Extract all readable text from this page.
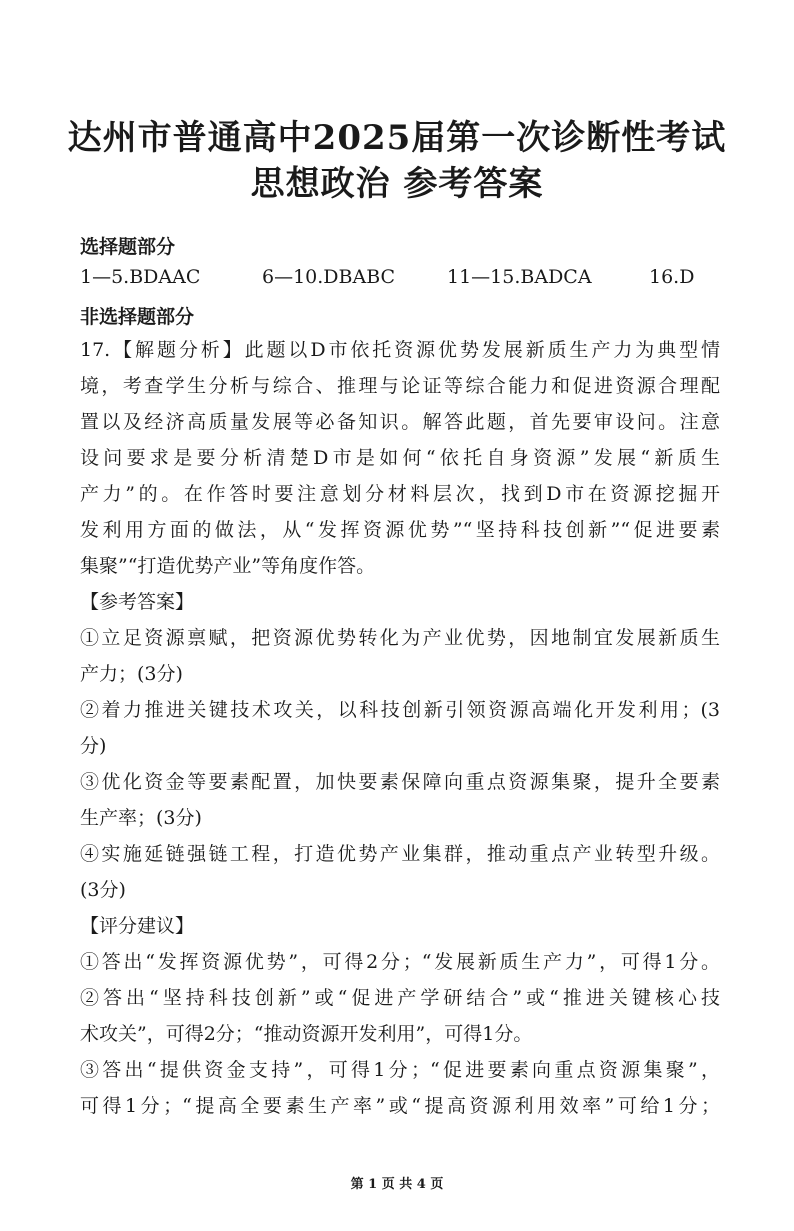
达州市普通高中2025届第一次诊断性考试
思想政治 参考答案
选择题部分
1—5.BDAAC	6—10.DBABC	11—15.BADCA	16.D
非选择题部分
17.【解题分析】此题以D市依托资源优势发展新质生产力为典型情
境，考查学生分析与综合、推理与论证等综合能力和促进资源合理配
置以及经济高质量发展等必备知识。解答此题，首先要审设问。注意
设问要求是要分析清楚D市是如何“依托自身资源”发展“新质生
产力”的。在作答时要注意划分材料层次，找到D市在资源挖掘开
发利用方面的做法，从“发挥资源优势”“坚持科技创新”“促进要素
集聚”“打造优势产业”等角度作答。
【参考答案】
①立足资源禀赋，把资源优势转化为产业优势，因地制宜发展新质生
产力；(3分)
②着力推进关键技术攻关，以科技创新引领资源高端化开发利用；(3
分)
③优化资金等要素配置，加快要素保障向重点资源集聚，提升全要素
生产率；(3分)
④实施延链强链工程，打造优势产业集群，推动重点产业转型升级。
(3分)
【评分建议】
①答出“发挥资源优势”，可得2分；“发展新质生产力”，可得1分。
②答出“坚持科技创新”或“促进产学研结合”或“推进关键核心技
术攻关”，可得2分；“推动资源开发利用”，可得1分。
③答出“提供资金支持”，可得1分；“促进要素向重点资源集聚”，
可得1分；“提高全要素生产率”或“提高资源利用效率”可给1分；
第 1 页 共 4 页
